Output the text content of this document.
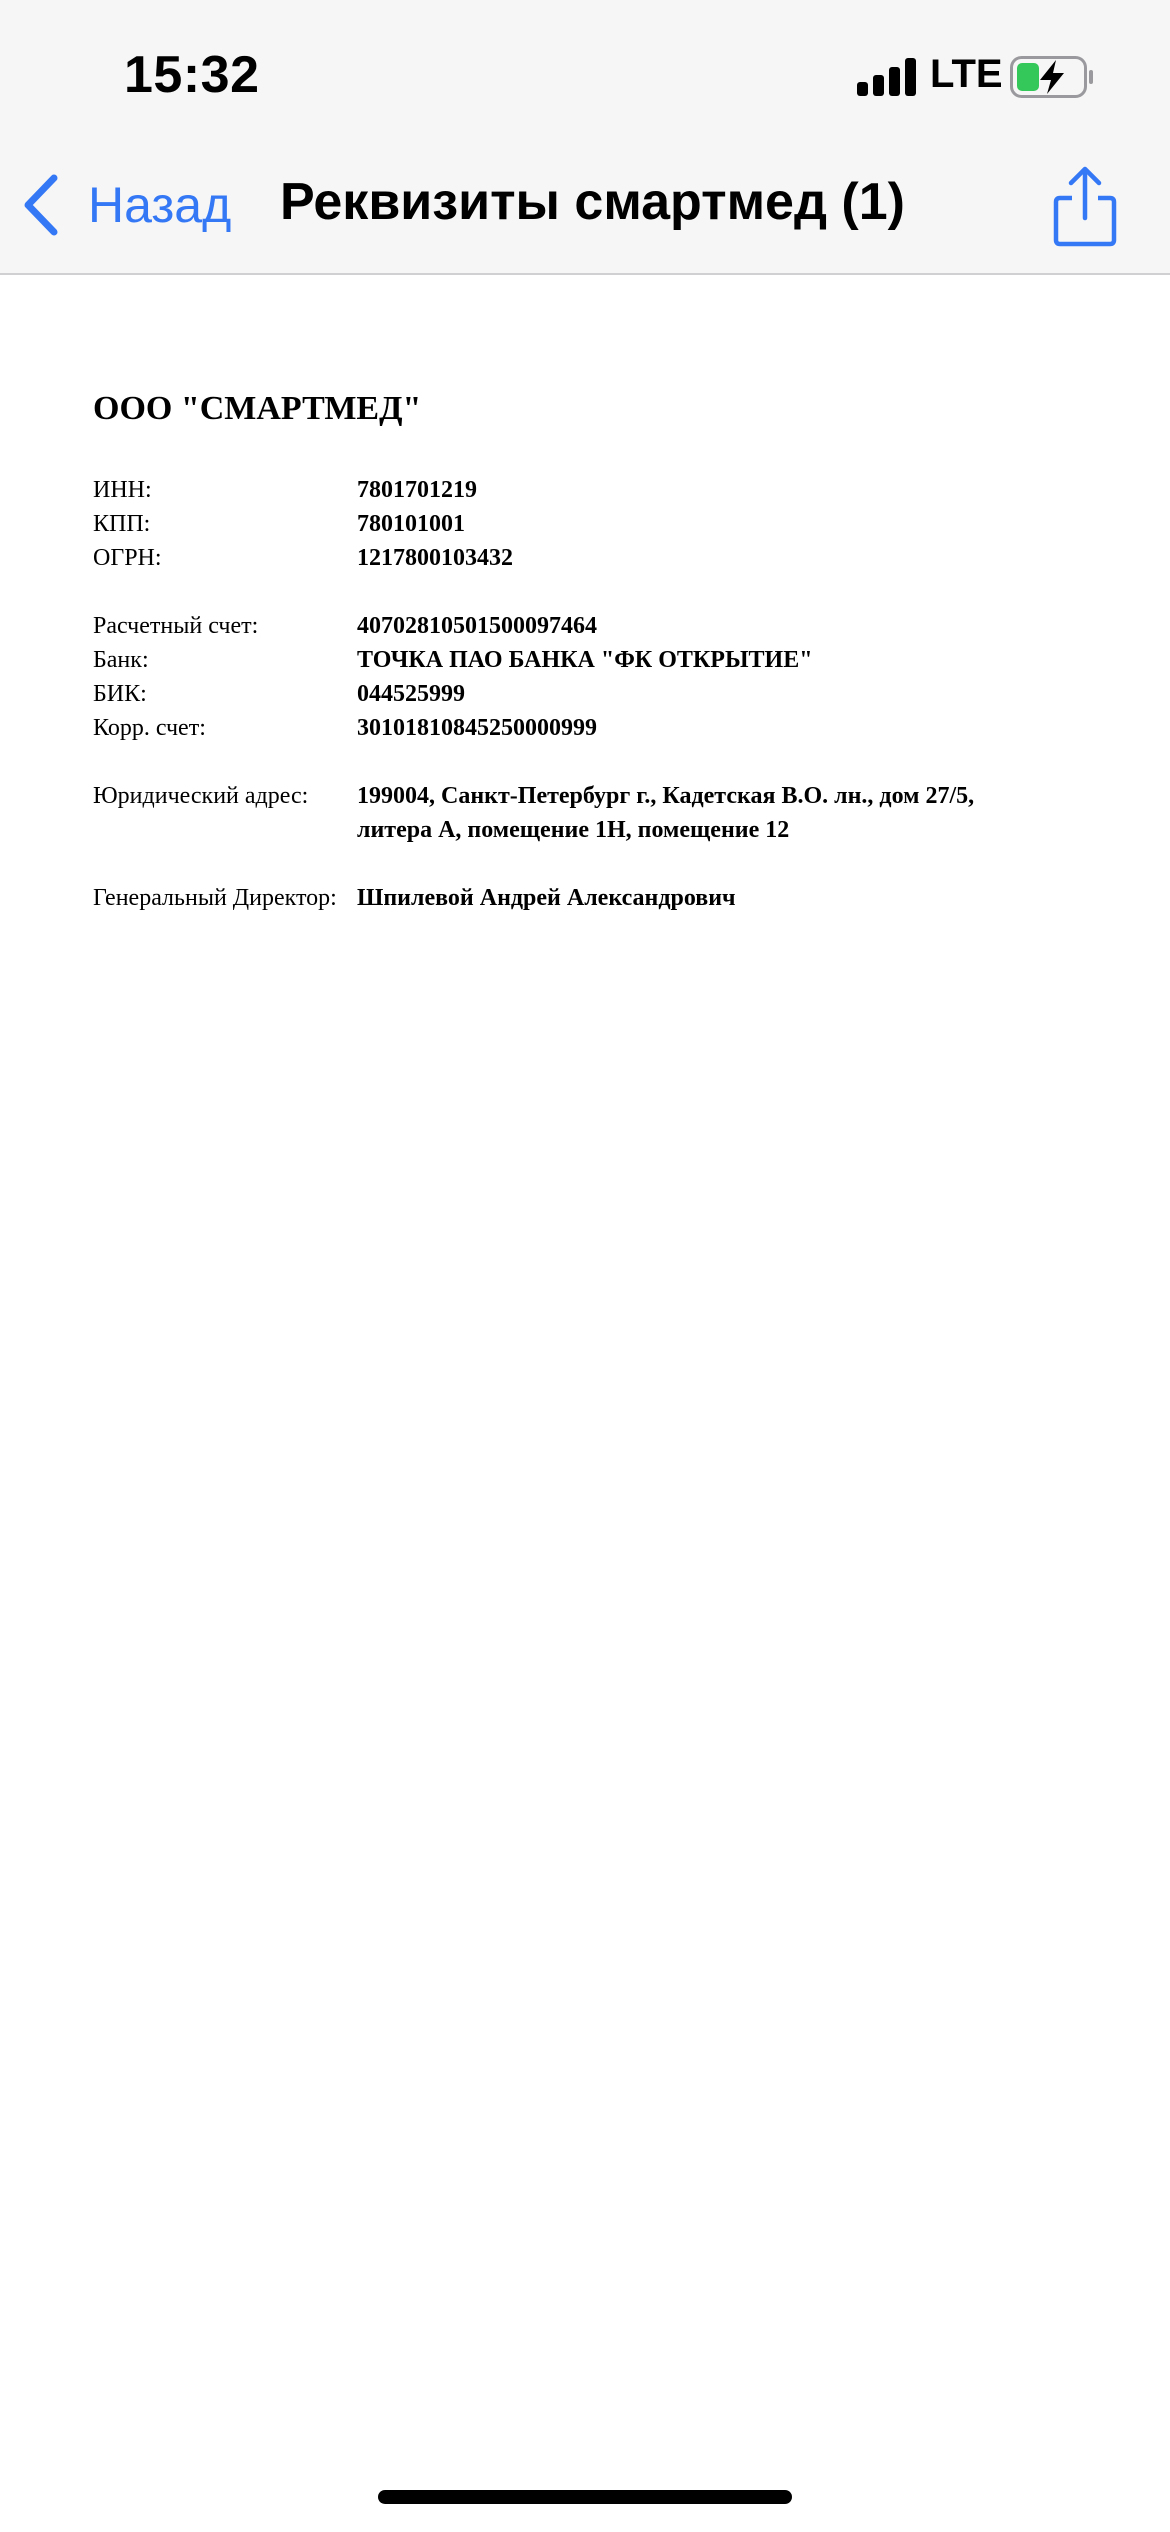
15:32	LTE
Назад Реквизиты смартмед (1)
ООО "СМАРТМЕД"
ИНН:	7801701219
КПП:	780101001
ОГРН:	1217800103432
Расчетный счет:	40702810501500097464
Банк:	ТОЧКА ПАО БАНКА "ФК ОТКРЫТИЕ"
БИК:	044525999
Корр. счет:	30101810845250000999
Юридический адрес:	199004, Санкт-Петербург г., Кадетская В.О. лн., дом 27/5,
литера А, помещение 1Н, помещение 12
Генеральный Директор: Шпилевой Андрей Александрович
